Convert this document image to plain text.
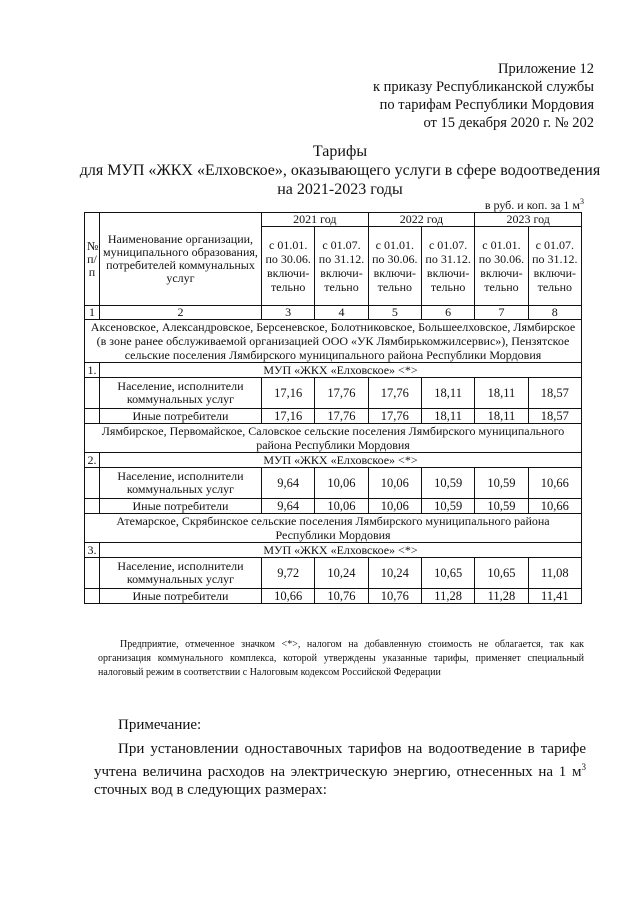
Приложение 12
к приказу Республиканской службы
по тарифам Республики Мордовия
от 15 декабря 2020 г. № 202
Тарифы
для МУП «ЖКХ «Елховское», оказывающего услуги в сфере водоотведения
на 2021-2023 годы
в руб. и коп. за 1 $м^3$
№ п/ п	Наименование организации, муниципального образования, потребителей коммунальных услуг	2021 год		2022 год		2023 год	
		с 01.01. по 30.06. включи-тельно	с 01.07. по 31.12. включи-тельно	с 01.01. по 30.06. включи-тельно	с 01.07. по 31.12. включи-тельно	с 01.01. по 30.06. включи-тельно	с 01.07. по 31.12. включи-тельно
1	2	3	4	5	6	7	8
Аксеновское, Александровское, Берсеневское, Болотниковское, Большеелховское, Лямбирское (в зоне ранее обслуживаемой организацией ООО «УК Лямбирькомжилсервис»), Пензятское сельские поселения Лямбирского муниципального района Республики Мордовия							
1.	МУП «ЖКХ «Елховское» <*>						
	Население, исполнители коммунальных услуг	17,16	17,76	17,76	18,11	18,11	18,57
	Иные потребители	17,16	17,76	17,76	18,11	18,11	18,57
Лямбирское, Первомайское, Саловское сельские поселения Лямбирского муниципального района Республики Мордовия							
2.	МУП «ЖКХ «Елховское» <*>						
	Население, исполнители коммунальных услуг	9,64	10,06	10,06	10,59	10,59	10,66
	Иные потребители	9,64	10,06	10,06	10,59	10,59	10,66
Атемарское, Скрябинское сельские поселения Лямбирского муниципального района Республики Мордовия							
3.	МУП «ЖКХ «Елховское» <*>						
	Население, исполнители коммунальных услуг	9,72	10,24	10,24	10,65	10,65	11,08
	Иные потребители	10,66	10,76	10,76	11,28	11,28	11,41
Предприятие, отмеченное значком <*>, налогом на добавленную стоимость не облагается, так как организация коммунального комплекса, которой утверждены указанные тарифы, применяет специальный налоговый режим в соответствии с Налоговым кодексом Российской Федерации
Примечание:
При установлении одноставочных тарифов на водоотведение в тарифе учтена величина расходов на электрическую энергию, отнесенных на 1 $м^3$ сточных вод в следующих размерах:
